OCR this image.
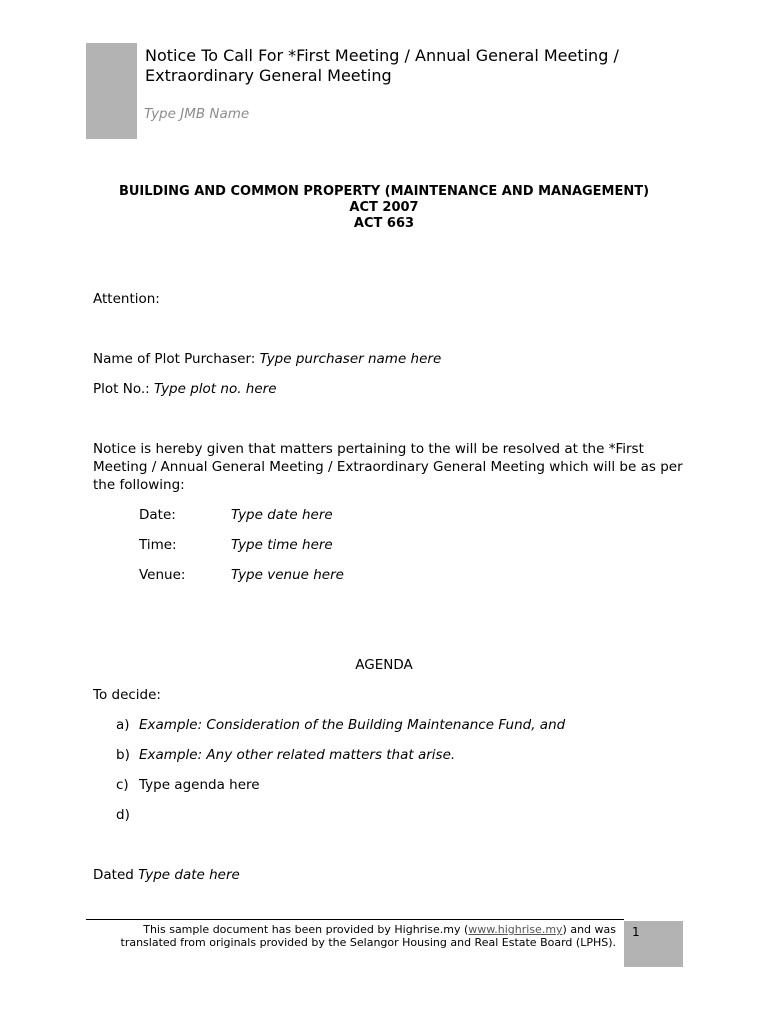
Notice To Call For *First Meeting / Annual General Meeting / Extraordinary General Meeting
Type JMB Name
BUILDING AND COMMON PROPERTY (MAINTENANCE AND MANAGEMENT)
ACT 2007
ACT 663
Attention:
Name of Plot Purchaser: Type purchaser name here
Plot No.: Type plot no. here
Notice is hereby given that matters pertaining to the will be resolved at the *First Meeting / Annual General Meeting / Extraordinary General Meeting which will be as per the following:
Date:	Type date here
Time:	Type time here
Venue:	Type venue here
AGENDA
To decide:
a) Example: Consideration of the Building Maintenance Fund, and
b) Example: Any other related matters that arise.
c) Type agenda here
d)
Dated Type date here
This sample document has been provided by Highrise.my (www.highrise.my) and was translated from originals provided by the Selangor Housing and Real Estate Board (LPHS).
1
